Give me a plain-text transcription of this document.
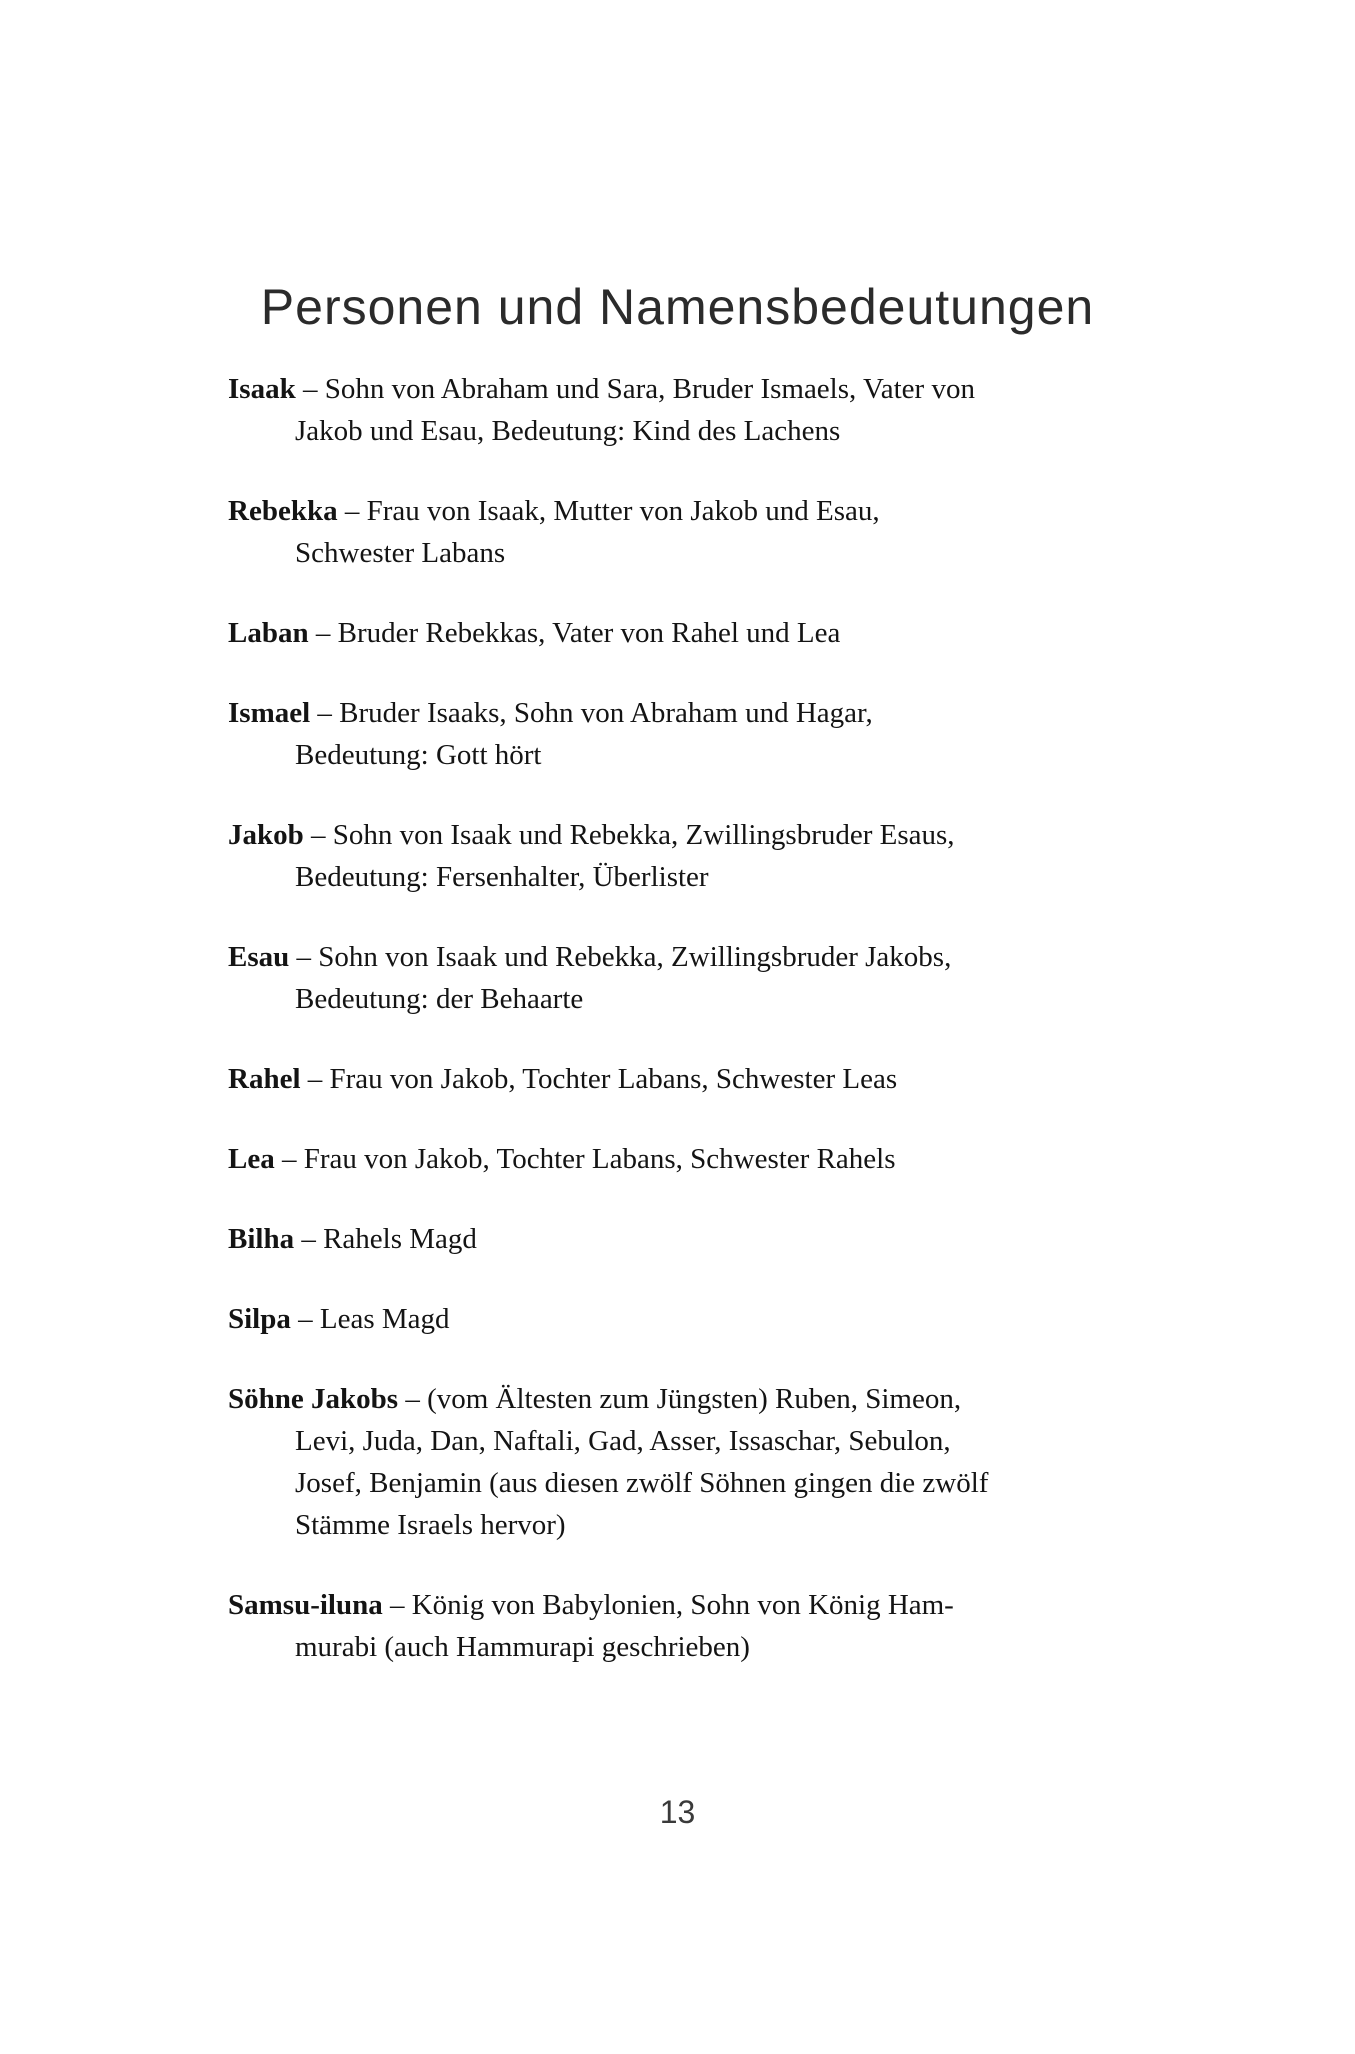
Personen und Namensbedeutungen
Isaak – Sohn von Abraham und Sara, Bruder Ismaels, Vater von
Jakob und Esau, Bedeutung: Kind des Lachens
Rebekka – Frau von Isaak, Mutter von Jakob und Esau,
Schwester Labans
Laban – Bruder Rebekkas, Vater von Rahel und Lea
Ismael – Bruder Isaaks, Sohn von Abraham und Hagar,
Bedeutung: Gott hört
Jakob – Sohn von Isaak und Rebekka, Zwillingsbruder Esaus,
Bedeutung: Fersenhalter, Überlister
Esau – Sohn von Isaak und Rebekka, Zwillingsbruder Jakobs,
Bedeutung: der Behaarte
Rahel – Frau von Jakob, Tochter Labans, Schwester Leas
Lea – Frau von Jakob, Tochter Labans, Schwester Rahels
Bilha – Rahels Magd
Silpa – Leas Magd
Söhne Jakobs – (vom Ältesten zum Jüngsten) Ruben, Simeon,
Levi, Juda, Dan, Naftali, Gad, Asser, Issaschar, Sebulon,
Josef, Benjamin (aus diesen zwölf Söhnen gingen die zwölf
Stämme Israels hervor)
Samsu-iluna – König von Babylonien, Sohn von König Ham-
murabi (auch Hammurapi geschrieben)
13
